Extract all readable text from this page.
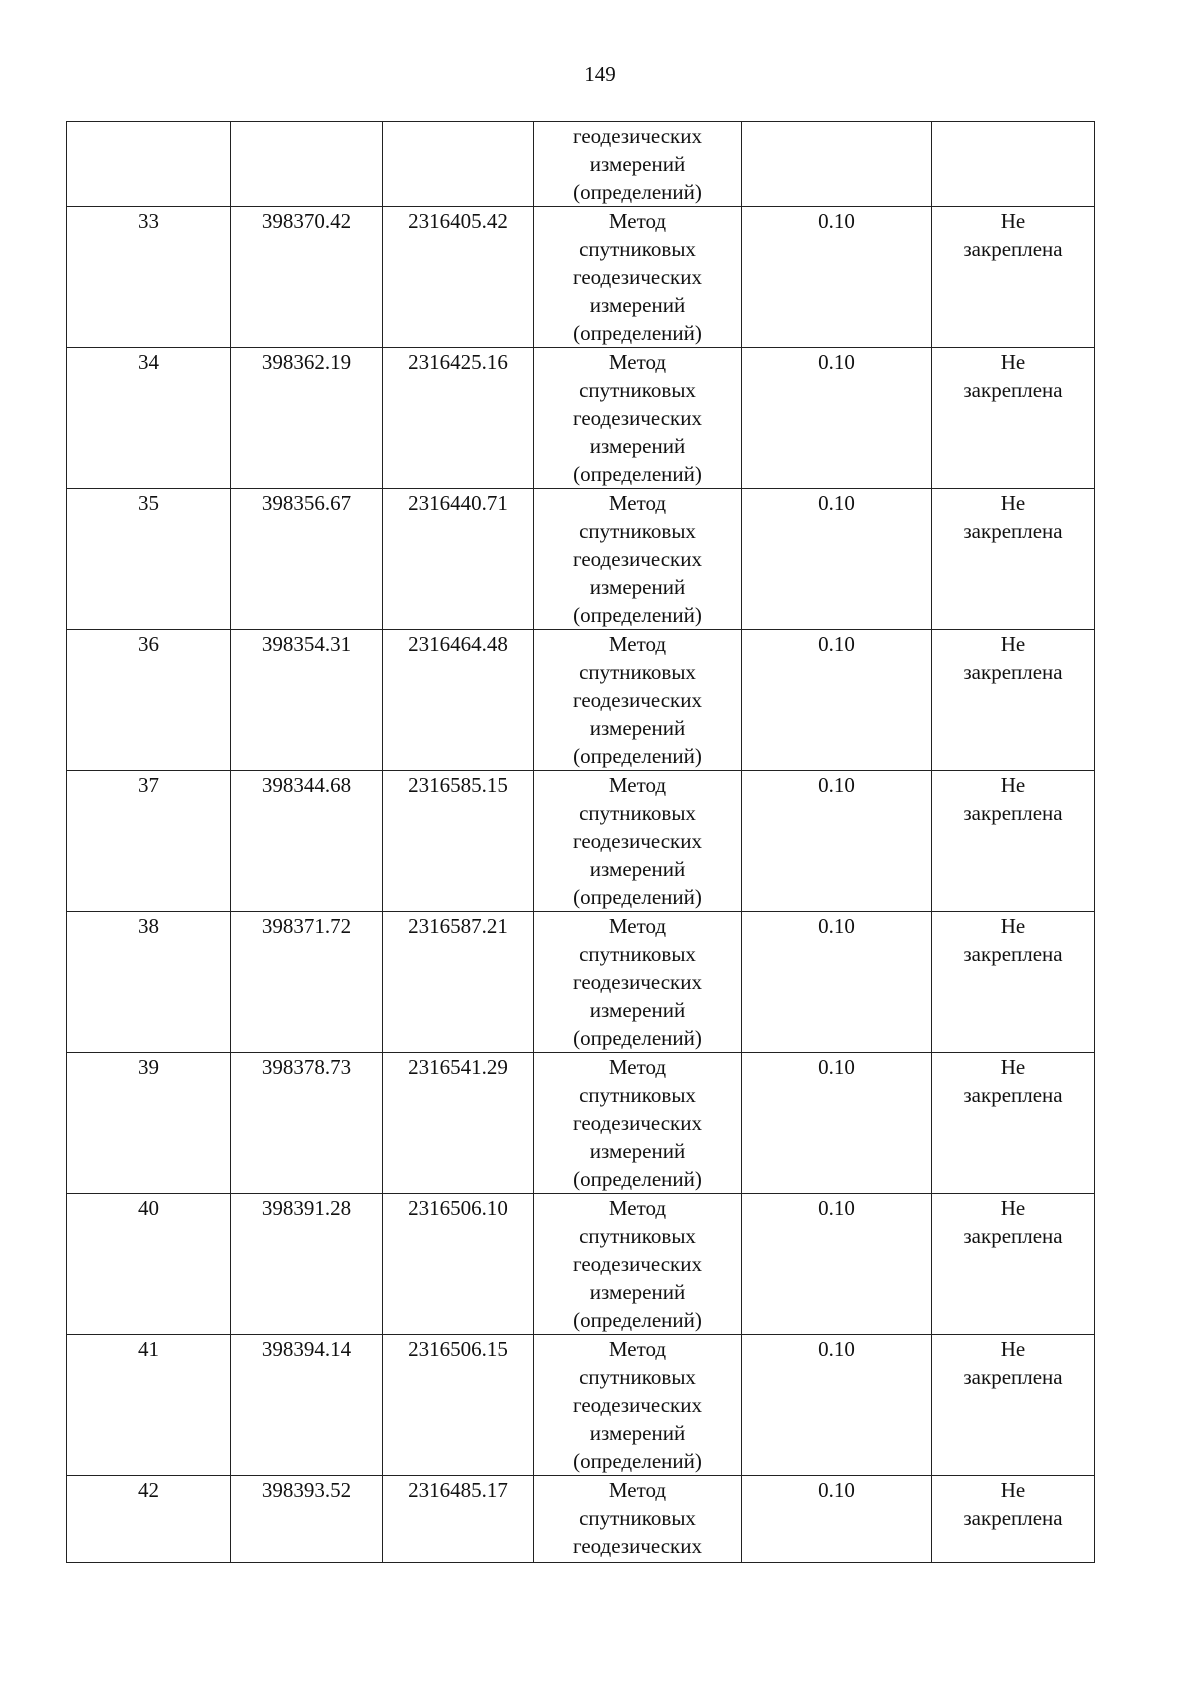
149

			геодезических
измерений
(определений)		

33	398370.42	2316405.42	Метод
спутниковых
геодезических
измерений
(определений)	0.10	Не
закреплена

34	398362.19	2316425.16	Метод
спутниковых
геодезических
измерений
(определений)	0.10	Не
закреплена

35	398356.67	2316440.71	Метод
спутниковых
геодезических
измерений
(определений)	0.10	Не
закреплена

36	398354.31	2316464.48	Метод
спутниковых
геодезических
измерений
(определений)	0.10	Не
закреплена

37	398344.68	2316585.15	Метод
спутниковых
геодезических
измерений
(определений)	0.10	Не
закреплена

38	398371.72	2316587.21	Метод
спутниковых
геодезических
измерений
(определений)	0.10	Не
закреплена

39	398378.73	2316541.29	Метод
спутниковых
геодезических
измерений
(определений)	0.10	Не
закреплена

40	398391.28	2316506.10	Метод
спутниковых
геодезических
измерений
(определений)	0.10	Не
закреплена

41	398394.14	2316506.15	Метод
спутниковых
геодезических
измерений
(определений)	0.10	Не
закреплена

42	398393.52	2316485.17	Метод
спутниковых
геодезических	0.10	Не
закреплена
